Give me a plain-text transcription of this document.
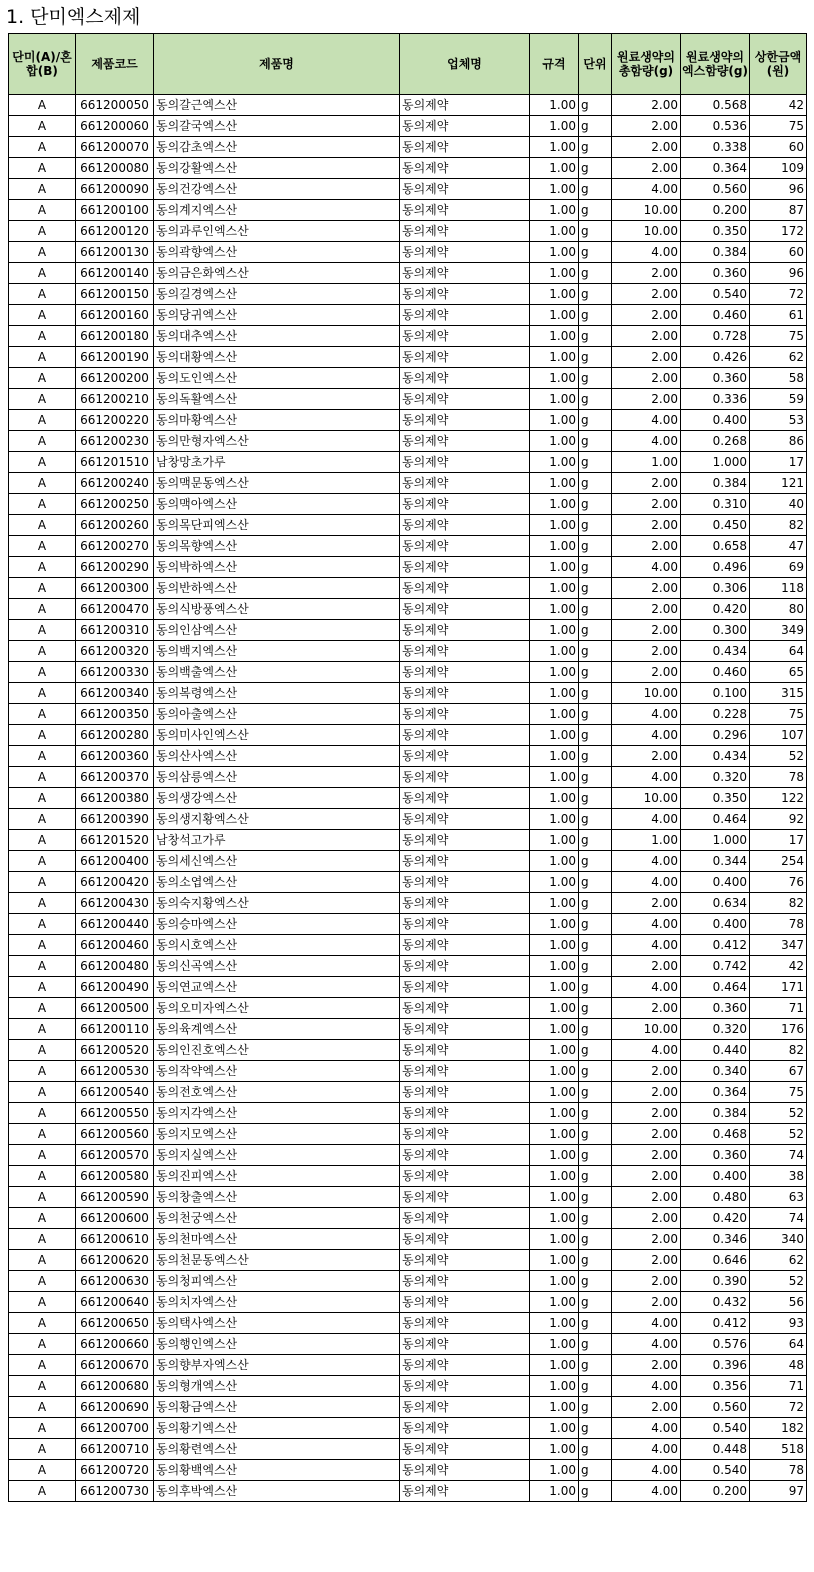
1. 단미엑스제제
단미(A)/혼합(B)	제품코드	제품명	업체명	규격	단위	원료생약의총함량(g)	원료생약의엑스함량(g)	상한금액(원)
A	661200050	동의갈근엑스산	동의제약	1.00	g	2.00	0.568	42
A	661200060	동의갈국엑스산	동의제약	1.00	g	2.00	0.536	75
A	661200070	동의감초엑스산	동의제약	1.00	g	2.00	0.338	60
A	661200080	동의강활엑스산	동의제약	1.00	g	2.00	0.364	109
A	661200090	동의건강엑스산	동의제약	1.00	g	4.00	0.560	96
A	661200100	동의계지엑스산	동의제약	1.00	g	10.00	0.200	87
A	661200120	동의과루인엑스산	동의제약	1.00	g	10.00	0.350	172
A	661200130	동의곽향엑스산	동의제약	1.00	g	4.00	0.384	60
A	661200140	동의금은화엑스산	동의제약	1.00	g	2.00	0.360	96
A	661200150	동의길경엑스산	동의제약	1.00	g	2.00	0.540	72
A	661200160	동의당귀엑스산	동의제약	1.00	g	2.00	0.460	61
A	661200180	동의대추엑스산	동의제약	1.00	g	2.00	0.728	75
A	661200190	동의대황엑스산	동의제약	1.00	g	2.00	0.426	62
A	661200200	동의도인엑스산	동의제약	1.00	g	2.00	0.360	58
A	661200210	동의독활엑스산	동의제약	1.00	g	2.00	0.336	59
A	661200220	동의마황엑스산	동의제약	1.00	g	4.00	0.400	53
A	661200230	동의만형자엑스산	동의제약	1.00	g	4.00	0.268	86
A	661201510	남창망초가루	동의제약	1.00	g	1.00	1.000	17
A	661200240	동의맥문동엑스산	동의제약	1.00	g	2.00	0.384	121
A	661200250	동의맥아엑스산	동의제약	1.00	g	2.00	0.310	40
A	661200260	동의목단피엑스산	동의제약	1.00	g	2.00	0.450	82
A	661200270	동의목향엑스산	동의제약	1.00	g	2.00	0.658	47
A	661200290	동의박하엑스산	동의제약	1.00	g	4.00	0.496	69
A	661200300	동의반하엑스산	동의제약	1.00	g	2.00	0.306	118
A	661200470	동의식방풍엑스산	동의제약	1.00	g	2.00	0.420	80
A	661200310	동의인삼엑스산	동의제약	1.00	g	2.00	0.300	349
A	661200320	동의백지엑스산	동의제약	1.00	g	2.00	0.434	64
A	661200330	동의백출엑스산	동의제약	1.00	g	2.00	0.460	65
A	661200340	동의복령엑스산	동의제약	1.00	g	10.00	0.100	315
A	661200350	동의아출엑스산	동의제약	1.00	g	4.00	0.228	75
A	661200280	동의미사인엑스산	동의제약	1.00	g	4.00	0.296	107
A	661200360	동의산사엑스산	동의제약	1.00	g	2.00	0.434	52
A	661200370	동의삼릉엑스산	동의제약	1.00	g	4.00	0.320	78
A	661200380	동의생강엑스산	동의제약	1.00	g	10.00	0.350	122
A	661200390	동의생지황엑스산	동의제약	1.00	g	4.00	0.464	92
A	661201520	남창석고가루	동의제약	1.00	g	1.00	1.000	17
A	661200400	동의세신엑스산	동의제약	1.00	g	4.00	0.344	254
A	661200420	동의소엽엑스산	동의제약	1.00	g	4.00	0.400	76
A	661200430	동의숙지황엑스산	동의제약	1.00	g	2.00	0.634	82
A	661200440	동의승마엑스산	동의제약	1.00	g	4.00	0.400	78
A	661200460	동의시호엑스산	동의제약	1.00	g	4.00	0.412	347
A	661200480	동의신곡엑스산	동의제약	1.00	g	2.00	0.742	42
A	661200490	동의연교엑스산	동의제약	1.00	g	4.00	0.464	171
A	661200500	동의오미자엑스산	동의제약	1.00	g	2.00	0.360	71
A	661200110	동의육계엑스산	동의제약	1.00	g	10.00	0.320	176
A	661200520	동의인진호엑스산	동의제약	1.00	g	4.00	0.440	82
A	661200530	동의작약엑스산	동의제약	1.00	g	2.00	0.340	67
A	661200540	동의전호엑스산	동의제약	1.00	g	2.00	0.364	75
A	661200550	동의지각엑스산	동의제약	1.00	g	2.00	0.384	52
A	661200560	동의지모엑스산	동의제약	1.00	g	2.00	0.468	52
A	661200570	동의지실엑스산	동의제약	1.00	g	2.00	0.360	74
A	661200580	동의진피엑스산	동의제약	1.00	g	2.00	0.400	38
A	661200590	동의창출엑스산	동의제약	1.00	g	2.00	0.480	63
A	661200600	동의천궁엑스산	동의제약	1.00	g	2.00	0.420	74
A	661200610	동의천마엑스산	동의제약	1.00	g	2.00	0.346	340
A	661200620	동의천문동엑스산	동의제약	1.00	g	2.00	0.646	62
A	661200630	동의청피엑스산	동의제약	1.00	g	2.00	0.390	52
A	661200640	동의치자엑스산	동의제약	1.00	g	2.00	0.432	56
A	661200650	동의택사엑스산	동의제약	1.00	g	4.00	0.412	93
A	661200660	동의행인엑스산	동의제약	1.00	g	4.00	0.576	64
A	661200670	동의향부자엑스산	동의제약	1.00	g	2.00	0.396	48
A	661200680	동의형개엑스산	동의제약	1.00	g	4.00	0.356	71
A	661200690	동의황금엑스산	동의제약	1.00	g	2.00	0.560	72
A	661200700	동의황기엑스산	동의제약	1.00	g	4.00	0.540	182
A	661200710	동의황련엑스산	동의제약	1.00	g	4.00	0.448	518
A	661200720	동의황백엑스산	동의제약	1.00	g	4.00	0.540	78
A	661200730	동의후박엑스산	동의제약	1.00	g	4.00	0.200	97
